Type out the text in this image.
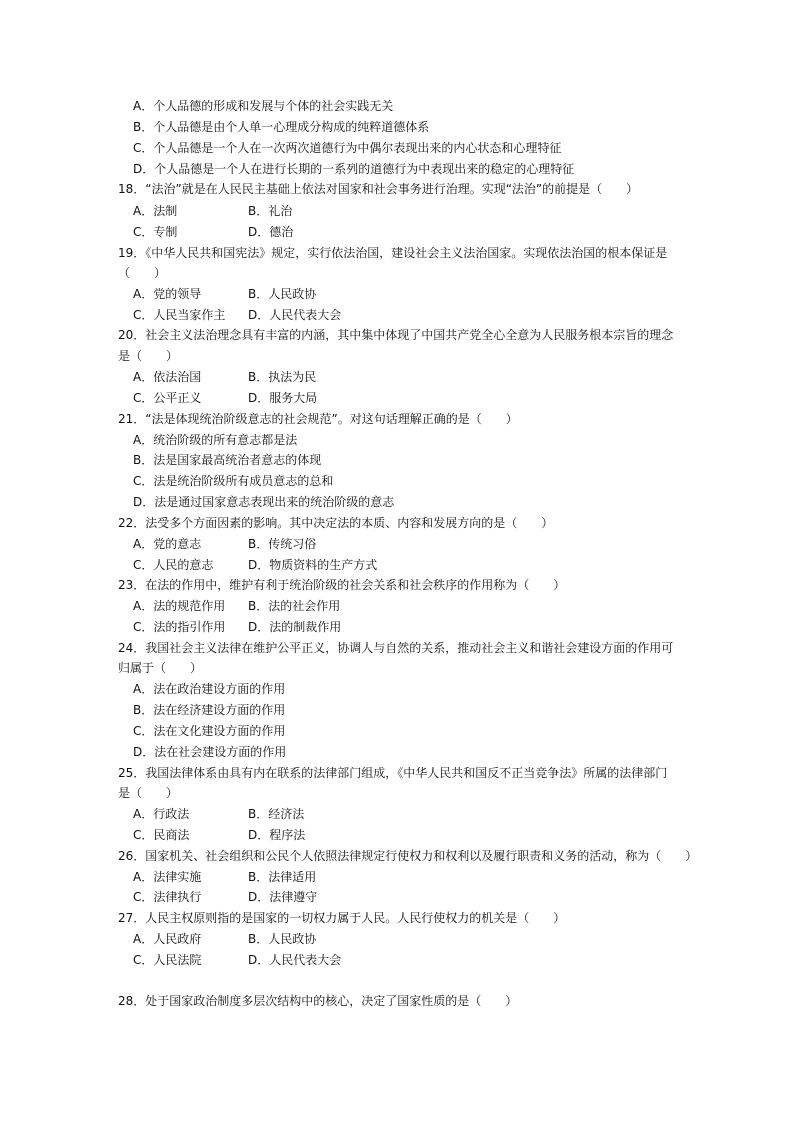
A．个人品德的形成和发展与个体的社会实践无关
B．个人品德是由个人单一心理成分构成的纯粹道德体系
C．个人品德是一个人在一次两次道德行为中偶尔表现出来的内心状态和心理特征
D．个人品德是一个人在进行长期的一系列的道德行为中表现出来的稳定的心理特征
18．“法治”就是在人民民主基础上依法对国家和社会事务进行治理。实现“法治”的前提是（　　）
A．法制	B．礼治
C．专制	D．德治
19．《中华人民共和国宪法》规定，实行依法治国，建设社会主义法治国家。实现依法治国的根本保证是
（　　）
A．党的领导	B．人民政协
C．人民当家作主 D．人民代表大会
20．社会主义法治理念具有丰富的内涵，其中集中体现了中国共产党全心全意为人民服务根本宗旨的理念
是（　　）
A．依法治国	B．执法为民
C．公平正义	D．服务大局
21．“法是体现统治阶级意志的社会规范”。对这句话理解正确的是（　　）
A．统治阶级的所有意志都是法
B．法是国家最高统治者意志的体现
C．法是统治阶级所有成员意志的总和
D．法是通过国家意志表现出来的统治阶级的意志
22．法受多个方面因素的影响。其中决定法的本质、内容和发展方向的是（　　）
A．党的意志	B．传统习俗
C．人民的意志	D．物质资料的生产方式
23．在法的作用中，维护有利于统治阶级的社会关系和社会秩序的作用称为（　　）
A．法的规范作用 B．法的社会作用
C．法的指引作用 D．法的制裁作用
24．我国社会主义法律在维护公平正义，协调人与自然的关系，推动社会主义和谐社会建设方面的作用可
归属于（　　）
A．法在政治建设方面的作用
B．法在经济建设方面的作用
C．法在文化建设方面的作用
D．法在社会建设方面的作用
25．我国法律体系由具有内在联系的法律部门组成，《中华人民共和国反不正当竞争法》所属的法律部门
是（　　）
A．行政法	B．经济法
C．民商法	D．程序法
26．国家机关、社会组织和公民个人依照法律规定行使权力和权利以及履行职责和义务的活动，称为（　　）
A．法律实施	B．法律适用
C．法律执行	D．法律遵守
27．人民主权原则指的是国家的一切权力属于人民。人民行使权力的机关是（　　）
A．人民政府	B．人民政协
C．人民法院	D．人民代表大会
28．处于国家政治制度多层次结构中的核心，决定了国家性质的是（　　）
